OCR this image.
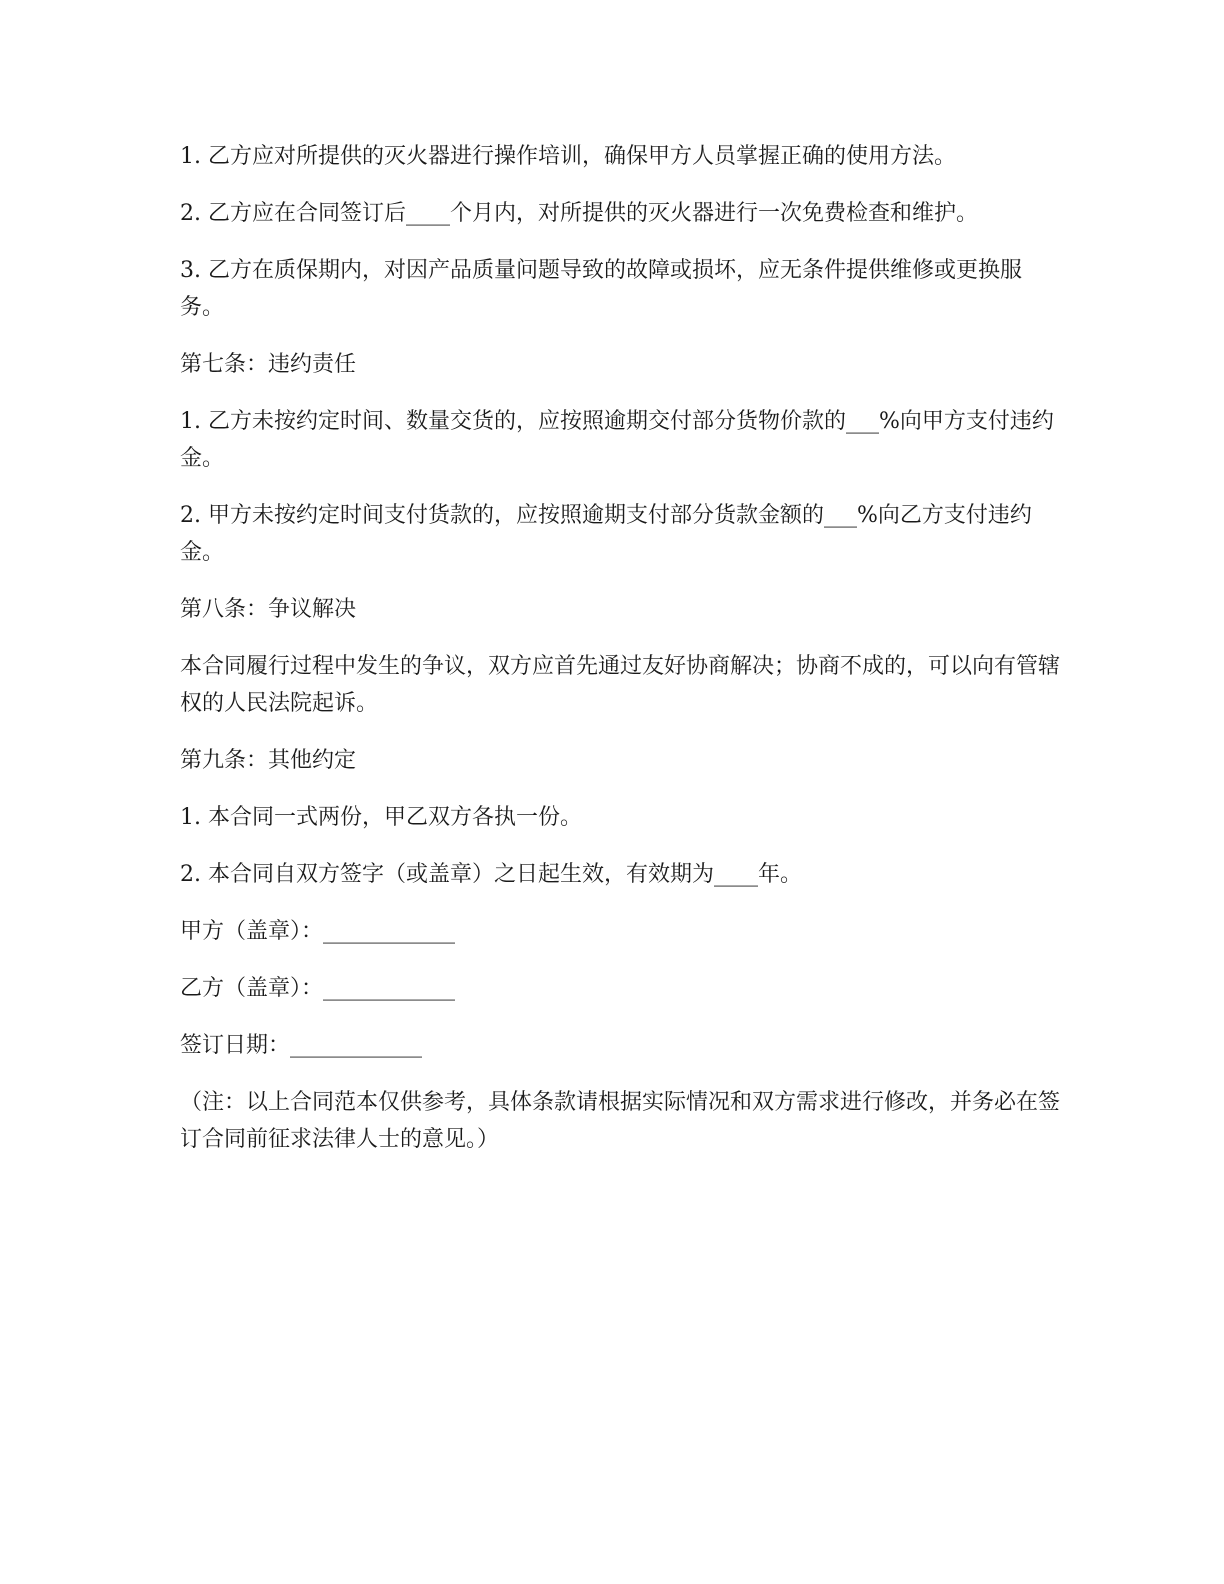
1. 乙方应对所提供的灭火器进行操作培训，确保甲方人员掌握正确的使用方法。

2. 乙方应在合同签订后____个月内，对所提供的灭火器进行一次免费检查和维护。

3. 乙方在质保期内，对因产品质量问题导致的故障或损坏，应无条件提供维修或更换服务。

第七条：违约责任

1. 乙方未按约定时间、数量交货的，应按照逾期交付部分货物价款的___%向甲方支付违约金。

2. 甲方未按约定时间支付货款的，应按照逾期支付部分货款金额的___%向乙方支付违约金。

第八条：争议解决

本合同履行过程中发生的争议，双方应首先通过友好协商解决；协商不成的，可以向有管辖权的人民法院起诉。

第九条：其他约定

1. 本合同一式两份，甲乙双方各执一份。

2. 本合同自双方签字（或盖章）之日起生效，有效期为____年。

甲方（盖章）：____________

乙方（盖章）：____________

签订日期：____________

（注：以上合同范本仅供参考，具体条款请根据实际情况和双方需求进行修改，并务必在签订合同前征求法律人士的意见。）
